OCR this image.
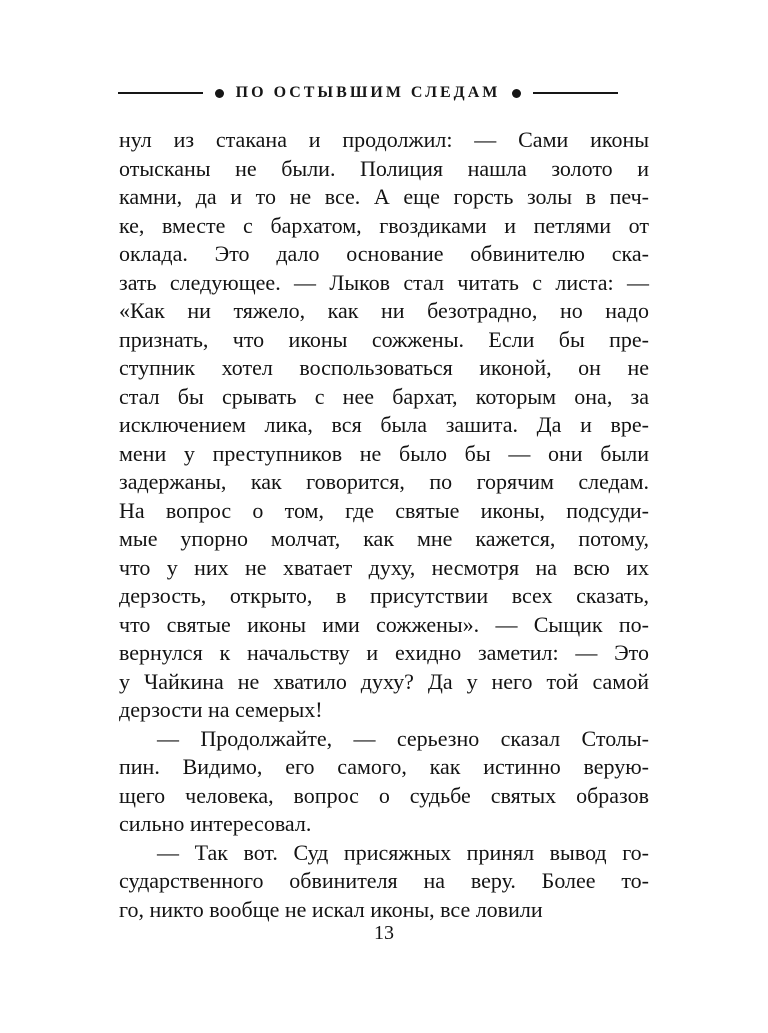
ПО ОСТЫВШИМ СЛЕДАМ

нул из стакана и продолжил: — Сами иконы
отысканы не были. Полиция нашла золото и
камни, да и то не все. А еще горсть золы в печ-
ке, вместе с бархатом, гвоздиками и петлями от
оклада. Это дало основание обвинителю ска-
зать следующее. — Лыков стал читать с листа: —
«Как ни тяжело, как ни безотрадно, но надо
признать, что иконы сожжены. Если бы пре-
ступник хотел воспользоваться иконой, он не
стал бы срывать с нее бархат, которым она, за
исключением лика, вся была зашита. Да и вре-
мени у преступников не было бы — они были
задержаны, как говорится, по горячим следам.
На вопрос о том, где святые иконы, подсуди-
мые упорно молчат, как мне кажется, потому,
что у них не хватает духу, несмотря на всю их
дерзость, открыто, в присутствии всех сказать,
что святые иконы ими сожжены». — Сыщик по-
вернулся к начальству и ехидно заметил: — Это
у Чайкина не хватило духу? Да у него той самой
дерзости на семерых!

— Продолжайте, — серьезно сказал Столы-
пин. Видимо, его самого, как истинно верую-
щего человека, вопрос о судьбе святых образов
сильно интересовал.

— Так вот. Суд присяжных принял вывод го-
сударственного обвинителя на веру. Более то-
го, никто вообще не искал иконы, все ловили

13
